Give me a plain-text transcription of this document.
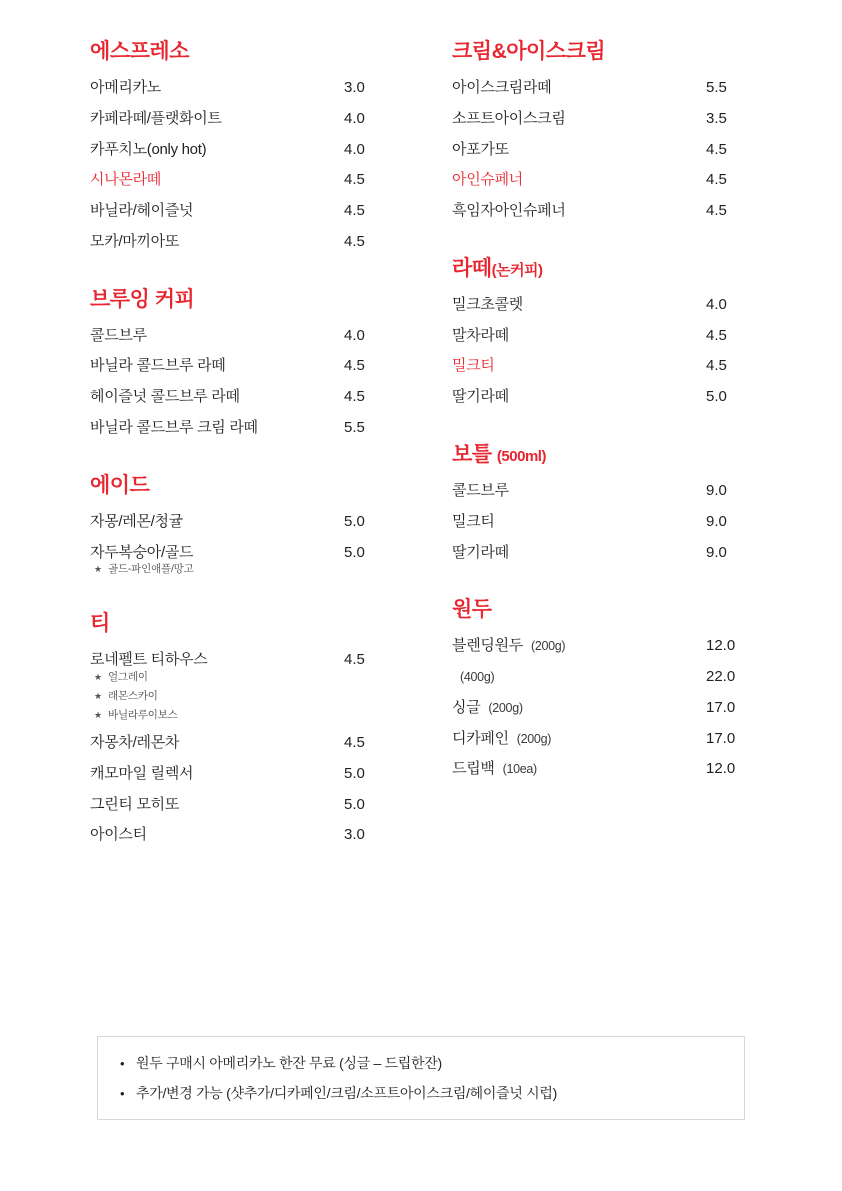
에스프레소
아메리카노	3.0
카페라떼/플랫화이트	4.0
카푸치노(only hot)	4.0
시나몬라떼	4.5
바닐라/헤이즐넛	4.5
모카/마끼아또	4.5
브루잉 커피
콜드브루	4.0
바닐라 콜드브루 라떼	4.5
헤이즐넛 콜드브루 라떼	4.5
바닐라 콜드브루 크림 라떼	5.5
에이드
자몽/레몬/청귤	5.0
자두복숭아/골드	5.0
★ 골드-파인애플/망고
티
로네펠트 티하우스	4.5
★ 얼그레이
★ 래몬스카이
★ 바닐라루이보스
자몽차/레몬차	4.5
캐모마일 릴렉서	5.0
그린티 모히또	5.0
아이스티	3.0
크림&아이스크림
아이스크림라떼	5.5
소프트아이스크림	3.5
아포가또	4.5
아인슈페너	4.5
흑임자아인슈페너	4.5
라떼(논커피)
밀크초콜렛	4.0
말차라떼	4.5
밀크티	4.5
딸기라떼	5.0
보틀 (500ml)
콜드브루	9.0
밀크티	9.0
딸기라떼	9.0
원두
블렌딩원두 (200g)	12.0
(400g)	22.0
싱글 (200g)	17.0
디카페인 (200g)	17.0
드립백 (10ea)	12.0
• 원두 구매시 아메리카노 한잔 무료 (싱글 – 드립한잔)
• 추가/변경 가능 (샷추가/디카페인/크림/소프트아이스크림/헤이즐넛 시럽)
